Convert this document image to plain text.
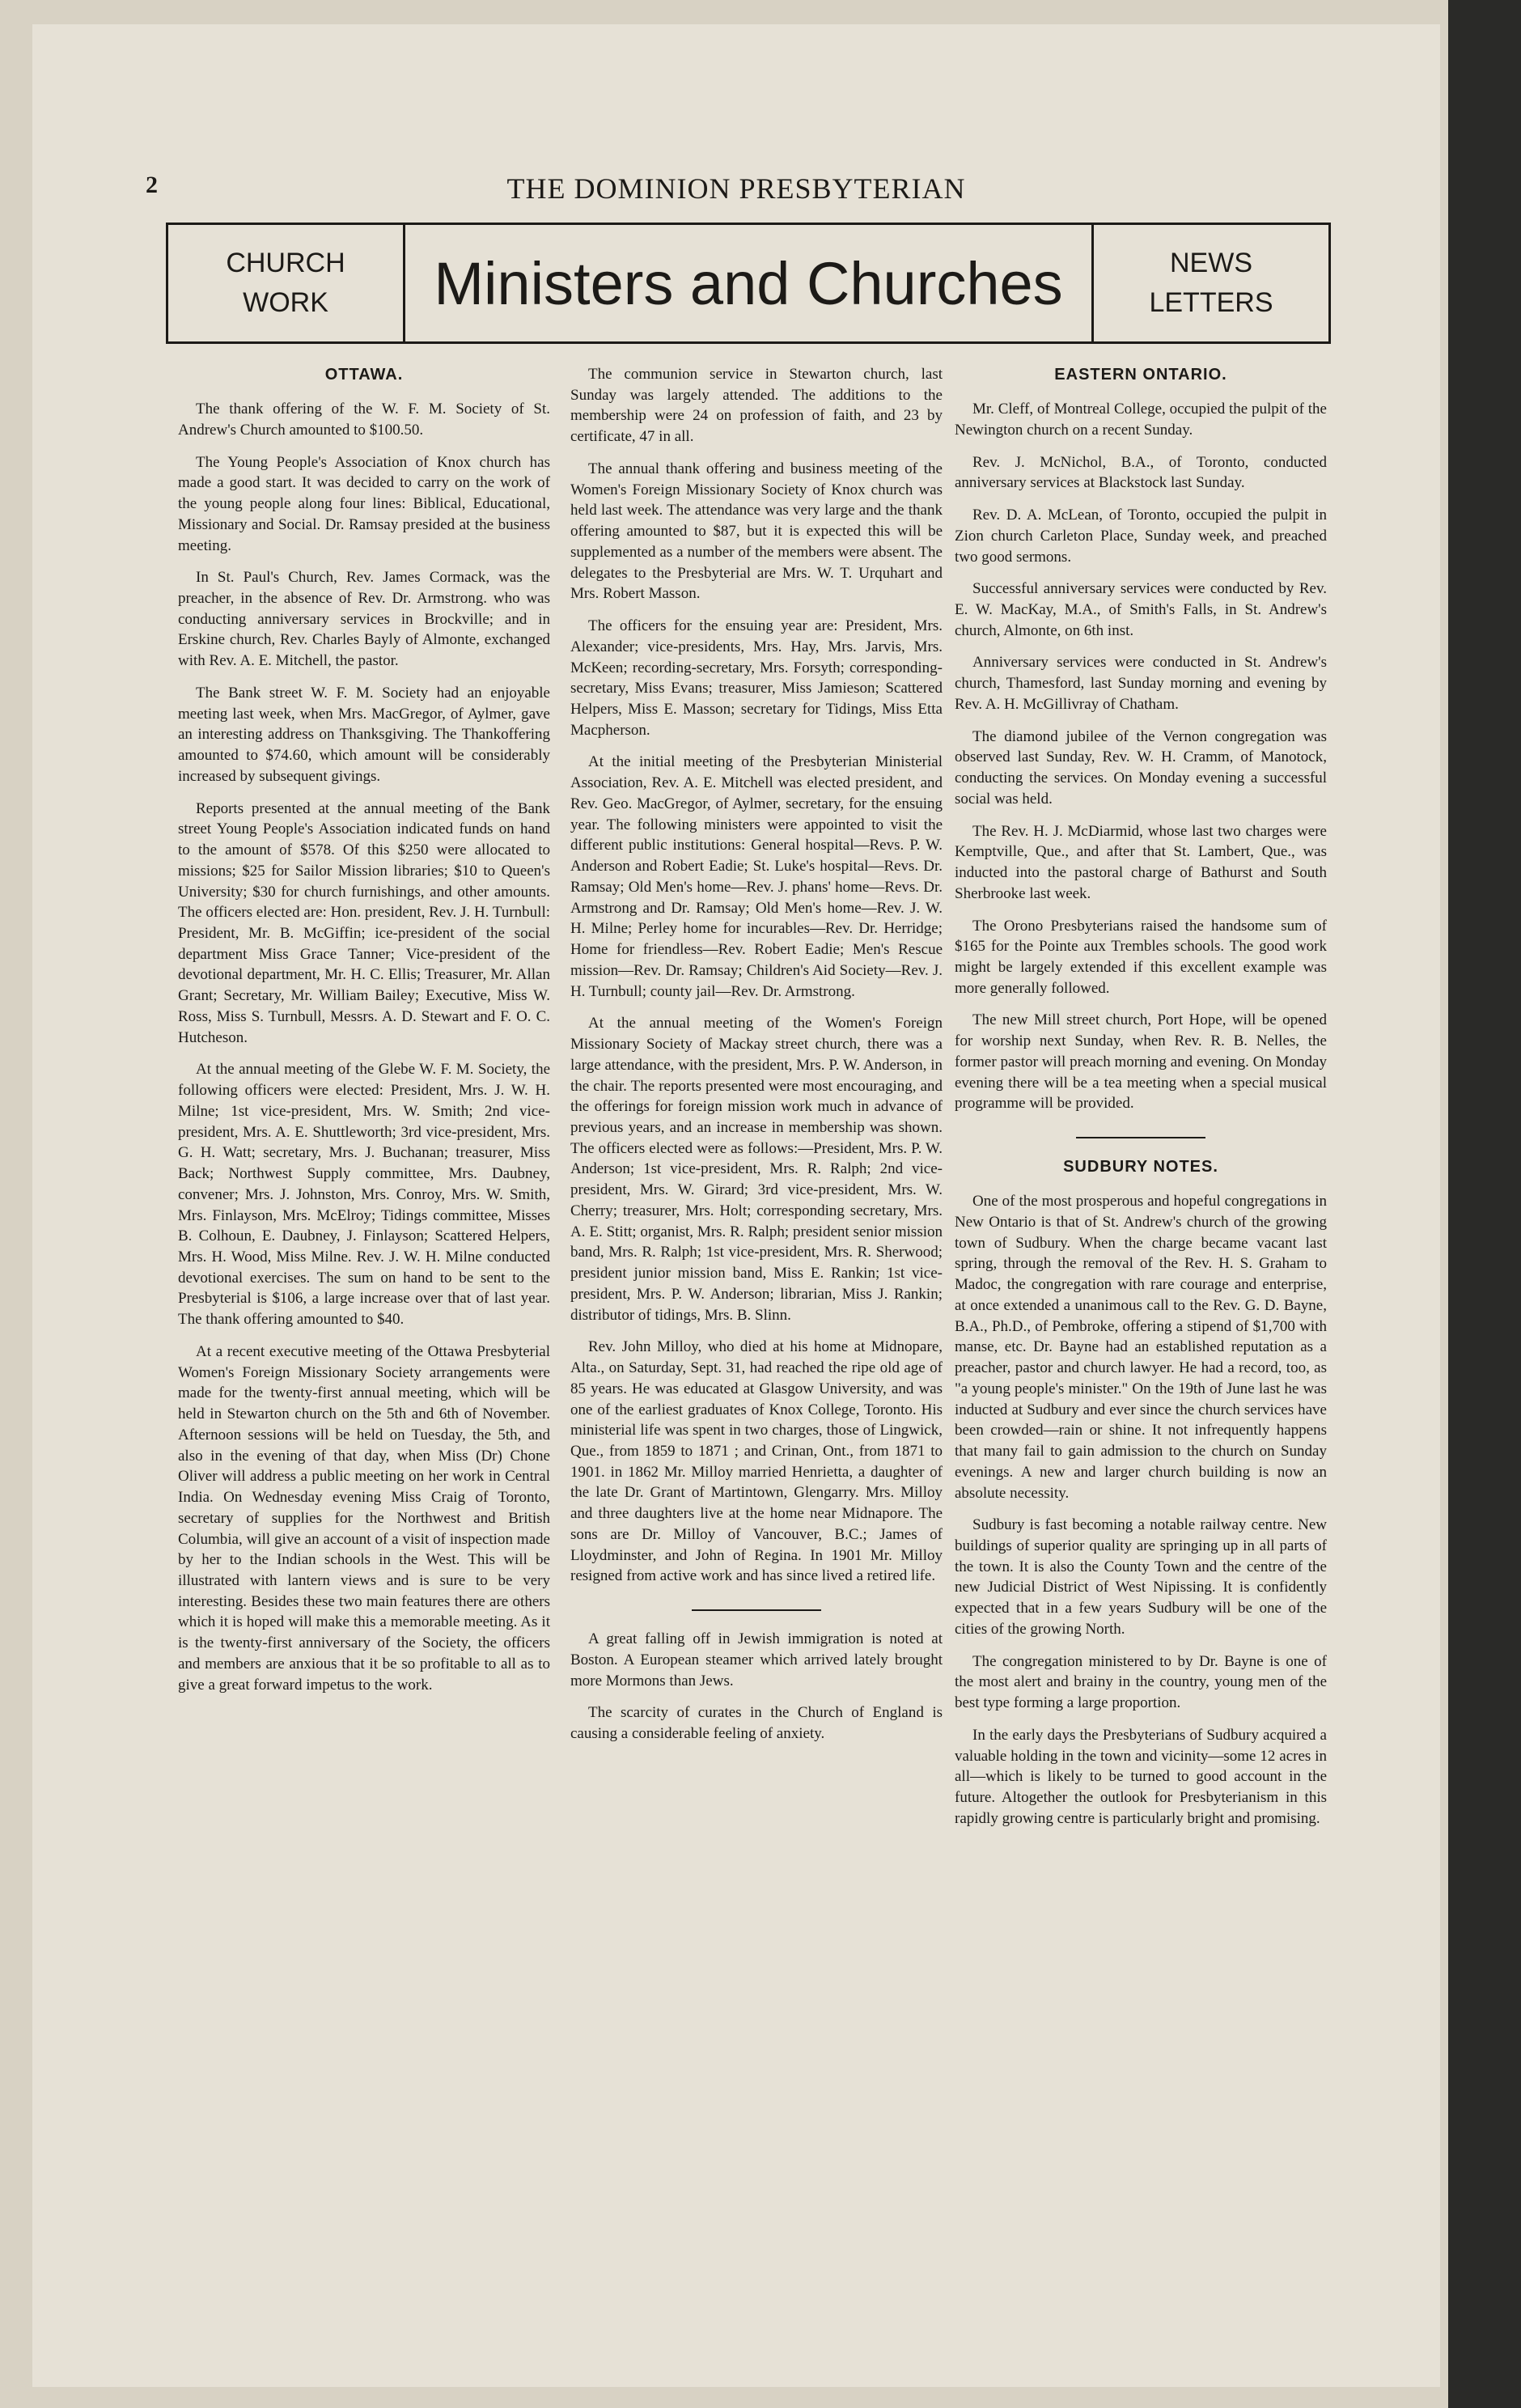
2	THE DOMINION PRESBYTERIAN
CHURCH
WORK	Ministers and Churches	NEWS
LETTERS
OTTAWA.

The thank offering of the W. F. M. Society of St. Andrew's Church amounted to $100.50.

The Young People's Association of Knox church has made a good start. It was decided to carry on the work of the young people along four lines: Biblical, Educational, Missionary and Social. Dr. Ramsay presided at the business meeting.

In St. Paul's Church, Rev. James Cormack, was the preacher, in the absence of Rev. Dr. Armstrong. who was conducting anniversary services in Brockville; and in Erskine church, Rev. Charles Bayly of Almonte, exchanged with Rev. A. E. Mitchell, the pastor.

The Bank street W. F. M. Society had an enjoyable meeting last week, when Mrs. MacGregor, of Aylmer, gave an interesting address on Thanksgiving. The Thankoffering amounted to $74.60, which amount will be considerably increased by subsequent givings.

Reports presented at the annual meeting of the Bank street Young People's Association indicated funds on hand to the amount of $578. Of this $250 were allocated to missions; $25 for Sailor Mission libraries; $10 to Queen's University; $30 for church furnishings, and other amounts. The officers elected are: Hon. president, Rev. J. H. Turnbull: President, Mr. B. McGiffin; ice-president of the social department Miss Grace Tanner; Vice-president of the devotional department, Mr. H. C. Ellis; Treasurer, Mr. Allan Grant; Secretary, Mr. William Bailey; Executive, Miss W. Ross, Miss S. Turnbull, Messrs. A. D. Stewart and F. O. C. Hutcheson.

At the annual meeting of the Glebe W. F. M. Society, the following officers were elected: President, Mrs. J. W. H. Milne; 1st vice-president, Mrs. W. Smith; 2nd vice-president, Mrs. A. E. Shuttleworth; 3rd vice-president, Mrs. G. H. Watt; secretary, Mrs. J. Buchanan; treasurer, Miss Back; Northwest Supply committee, Mrs. Daubney, convener; Mrs. J. Johnston, Mrs. Conroy, Mrs. W. Smith, Mrs. Finlayson, Mrs. McElroy; Tidings committee, Misses B. Colhoun, E. Daubney, J. Finlayson; Scattered Helpers, Mrs. H. Wood, Miss Milne. Rev. J. W. H. Milne conducted devotional exercises. The sum on hand to be sent to the Presbyterial is $106, a large increase over that of last year. The thank offering amounted to $40.

At a recent executive meeting of the Ottawa Presbyterial Women's Foreign Missionary Society arrangements were made for the twenty-first annual meeting, which will be held in Stewarton church on the 5th and 6th of November. Afternoon sessions will be held on Tuesday, the 5th, and also in the evening of that day, when Miss (Dr) Chone Oliver will address a public meeting on her work in Central India. On Wednesday evening Miss Craig of Toronto, secretary of supplies for the Northwest and British Columbia, will give an account of a visit of inspection made by her to the Indian schools in the West. This will be illustrated with lantern views and is sure to be very interesting. Besides these two main features there are others which it is hoped will make this a memorable meeting. As it is the twenty-first anniversary of the Society, the officers and members are anxious that it be so profitable to all as to give a great forward impetus to the work.

The communion service in Stewarton church, last Sunday was largely attended. The additions to the membership were 24 on profession of faith, and 23 by certificate, 47 in all.

The annual thank offering and business meeting of the Women's Foreign Missionary Society of Knox church was held last week. The attendance was very large and the thank offering amounted to $87, but it is expected this will be supplemented as a number of the members were absent. The delegates to the Presbyterial are Mrs. W. T. Urquhart and Mrs. Robert Masson.

The officers for the ensuing year are: President, Mrs. Alexander; vice-presidents, Mrs. Hay, Mrs. Jarvis, Mrs. McKeen; recording-secretary, Mrs. Forsyth; corresponding-secretary, Miss Evans; treasurer, Miss Jamieson; Scattered Helpers, Miss E. Masson; secretary for Tidings, Miss Etta Macpherson.

At the initial meeting of the Presbyterian Ministerial Association, Rev. A. E. Mitchell was elected president, and Rev. Geo. MacGregor, of Aylmer, secretary, for the ensuing year. The following ministers were appointed to visit the different public institutions: General hospital—Revs. P. W. Anderson and Robert Eadie; St. Luke's hospital—Revs. Dr. Ramsay; Old Men's home—Rev. J. phans' home—Revs. Dr. Armstrong and Dr. Ramsay; Old Men's home—Rev. J. W. H. Milne; Perley home for incurables—Rev. Dr. Herridge; Home for friendless—Rev. Robert Eadie; Men's Rescue mission—Rev. Dr. Ramsay; Children's Aid Society—Rev. J. H. Turnbull; county jail—Rev. Dr. Armstrong.

At the annual meeting of the Women's Foreign Missionary Society of Mackay street church, there was a large attendance, with the president, Mrs. P. W. Anderson, in the chair. The reports presented were most encouraging, and the offerings for foreign mission work much in advance of previous years, and an increase in membership was shown. The officers elected were as follows:—President, Mrs. P. W. Anderson; 1st vice-president, Mrs. R. Ralph; 2nd vice-president, Mrs. W. Girard; 3rd vice-president, Mrs. W. Cherry; treasurer, Mrs. Holt; corresponding secretary, Mrs. A. E. Stitt; organist, Mrs. R. Ralph; president senior mission band, Mrs. R. Ralph; 1st vice-president, Mrs. R. Sherwood; president junior mission band, Miss E. Rankin; 1st vice-president, Mrs. P. W. Anderson; librarian, Miss J. Rankin; distributor of tidings, Mrs. B. Slinn.

Rev. John Milloy, who died at his home at Midnopare, Alta., on Saturday, Sept. 31, had reached the ripe old age of 85 years. He was educated at Glasgow University, and was one of the earliest graduates of Knox College, Toronto. His ministerial life was spent in two charges, those of Lingwick, Que., from 1859 to 1871 ; and Crinan, Ont., from 1871 to 1901. in 1862 Mr. Milloy married Henrietta, a daughter of the late Dr. Grant of Martintown, Glengarry. Mrs. Milloy and three daughters live at the home near Midnapore. The sons are Dr. Milloy of Vancouver, B.C.; James of Lloydminster, and John of Regina. In 1901 Mr. Milloy resigned from active work and has since lived a retired life.

A great falling off in Jewish immigration is noted at Boston. A European steamer which arrived lately brought more Mormons than Jews.

The scarcity of curates in the Church of England is causing a considerable feeling of anxiety.

EASTERN ONTARIO.

Mr. Cleff, of Montreal College, occupied the pulpit of the Newington church on a recent Sunday.

Rev. J. McNichol, B.A., of Toronto, conducted anniversary services at Blackstock last Sunday.

Rev. D. A. McLean, of Toronto, occupied the pulpit in Zion church Carleton Place, Sunday week, and preached two good sermons.

Successful anniversary services were conducted by Rev. E. W. MacKay, M.A., of Smith's Falls, in St. Andrew's church, Almonte, on 6th inst.

Anniversary services were conducted in St. Andrew's church, Thamesford, last Sunday morning and evening by Rev. A. H. McGillivray of Chatham.

The diamond jubilee of the Vernon congregation was observed last Sunday, Rev. W. H. Cramm, of Manotock, conducting the services. On Monday evening a successful social was held.

The Rev. H. J. McDiarmid, whose last two charges were Kemptville, Que., and after that St. Lambert, Que., was inducted into the pastoral charge of Bathurst and South Sherbrooke last week.

The Orono Presbyterians raised the handsome sum of $165 for the Pointe aux Trembles schools. The good work might be largely extended if this excellent example was more generally followed.

The new Mill street church, Port Hope, will be opened for worship next Sunday, when Rev. R. B. Nelles, the former pastor will preach morning and evening. On Monday evening there will be a tea meeting when a special musical programme will be provided.

SUDBURY NOTES.

One of the most prosperous and hopeful congregations in New Ontario is that of St. Andrew's church of the growing town of Sudbury. When the charge became vacant last spring, through the removal of the Rev. H. S. Graham to Madoc, the congregation with rare courage and enterprise, at once extended a unanimous call to the Rev. G. D. Bayne, B.A., Ph.D., of Pembroke, offering a stipend of $1,700 with manse, etc. Dr. Bayne had an established reputation as a preacher, pastor and church lawyer. He had a record, too, as "a young people's minister." On the 19th of June last he was inducted at Sudbury and ever since the church services have been crowded—rain or shine. It not infrequently happens that many fail to gain admission to the church on Sunday evenings. A new and larger church building is now an absolute necessity.

Sudbury is fast becoming a notable railway centre. New buildings of superior quality are springing up in all parts of the town. It is also the County Town and the centre of the new Judicial District of West Nipissing. It is confidently expected that in a few years Sudbury will be one of the cities of the growing North.

The congregation ministered to by Dr. Bayne is one of the most alert and brainy in the country, young men of the best type forming a large proportion.

In the early days the Presbyterians of Sudbury acquired a valuable holding in the town and vicinity—some 12 acres in all—which is likely to be turned to good account in the future. Altogether the outlook for Presbyterianism in this rapidly growing centre is particularly bright and promising.
